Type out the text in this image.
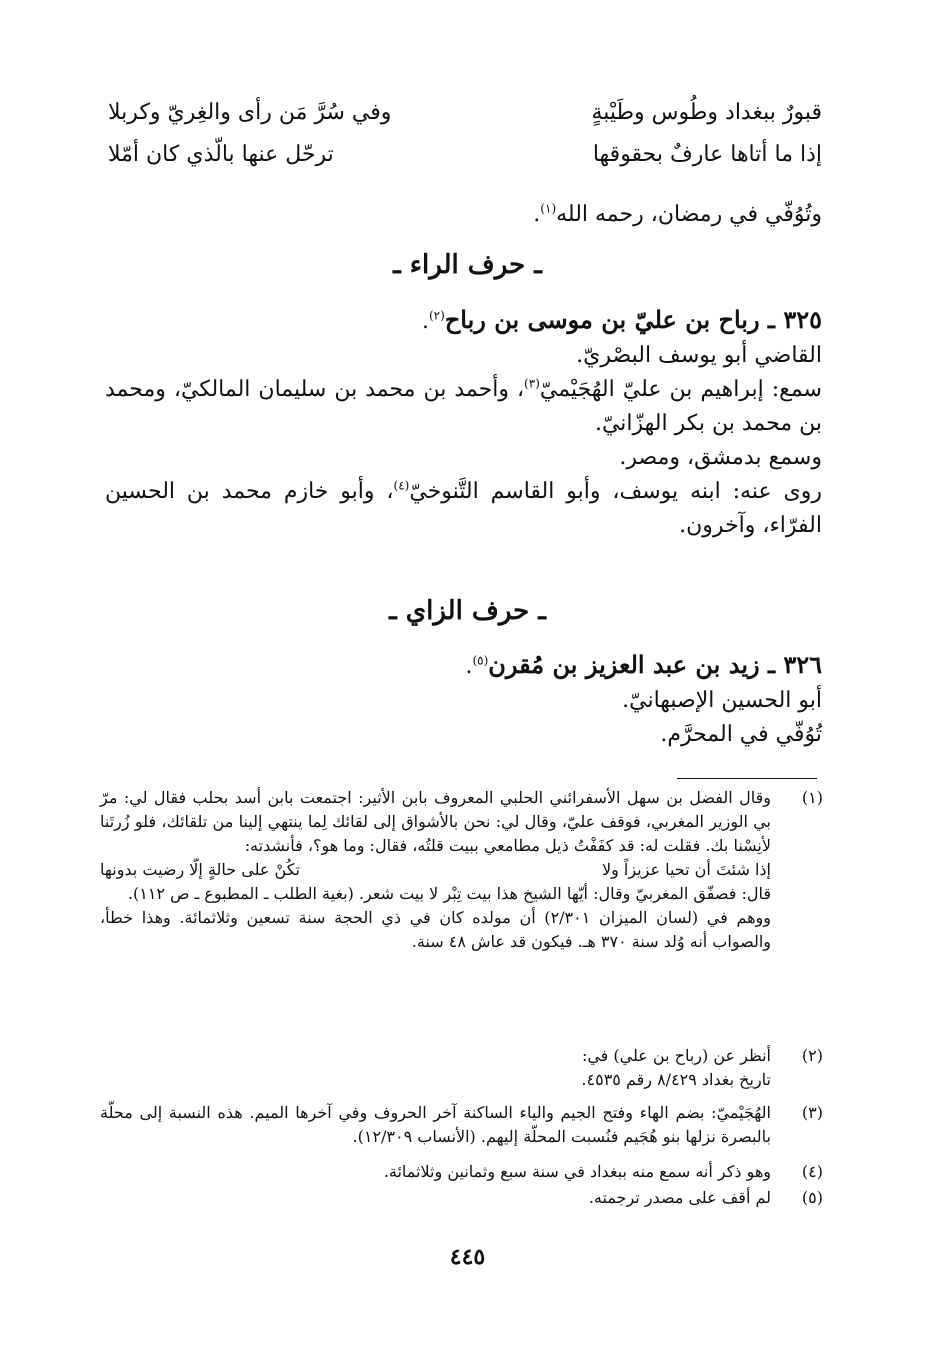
قبورٌ ببغداد وطُوس وطَيْبةٍ
وفي سُرَّ مَن رأى والغِريّ وكربلا
إذا ما أتاها عارفٌ بحقوقها
ترحّل عنها بالّذي كان أمّلا
وتُوُفّي في رمضان، رحمه الله$^{(١)}$.
ـ حرف الراء ـ
٣٢٥ ـ رباح بن عليّ بن موسى بن رباح$^{(٢)}$.
القاضي أبو يوسف البصْريّ.
سمع: إبراهيم بن عليّ الهُجَيْميّ$^{(٣)}$، وأحمد بن محمد بن سليمان المالكيّ، ومحمد بن محمد بن بكر الهزّانيّ.
وسمع بدمشق، ومصر.
روى عنه: ابنه يوسف، وأبو القاسم التَّنوخيّ$^{(٤)}$، وأبو خازم محمد بن الحسين الفرّاء، وآخرون.
ـ حرف الزاي ـ
٣٢٦ ـ زيد بن عبد العزيز بن مُقرن$^{(٥)}$.
أبو الحسين الإصبهانيّ.
تُوُفّي في المحرَّم.
(١)
وقال الفضل بن سهل الأسفرائني الحلبي المعروف بابن الأثير: اجتمعت بابن أسد بحلب فقال لي: مرّ بي الوزير المغربي، فوقف عليّ، وقال لي: نحن بالأشواق إلى لقائك لِما ينتهي إلينا من تلقائك، فلو زُرتَنا لأنِسْنا بك. فقلت له: قد كفَفْتُ ذيل مطامعي ببيت قلتُه، فقال: وما هو؟، فأنشدته:
إذا شئتَ أن تحيا عزيزاً ولا
تكُنْ على حالةٍ إلّا رضيت بدونها
قال: فصفّق المغربيّ وقال: أيّها الشيخ هذا بيت تِبْر لا بيت شعر. (بغية الطلب ـ المطبوع ـ ص ١١٢).
ووهم في (لسان الميزان ٢/٣٠١) أن مولده كان في ذي الحجة سنة تسعين وثلاثمائة. وهذا خطأ، والصواب أنه وُلد سنة ٣٧٠ هـ. فيكون قد عاش ٤٨ سنة.
(٢)
أنظر عن (رباح بن علي) في:
تاريخ بغداد ٨/٤٢٩ رقم ٤٥٣٥.
(٣)
الهُجَيْميّ: بضم الهاء وفتح الجيم والياء الساكنة آخر الحروف وفي آخرها الميم. هذه النسبة إلى محلّة بالبصرة نزلها بنو هُجَيم فنُسبت المحلّة إليهم. (الأنساب ١٢/٣٠٩).
(٤)
وهو ذكر أنه سمع منه ببغداد في سنة سبع وثمانين وثلاثمائة.
(٥)
لم أقف على مصدر ترجمته.
٤٤٥
